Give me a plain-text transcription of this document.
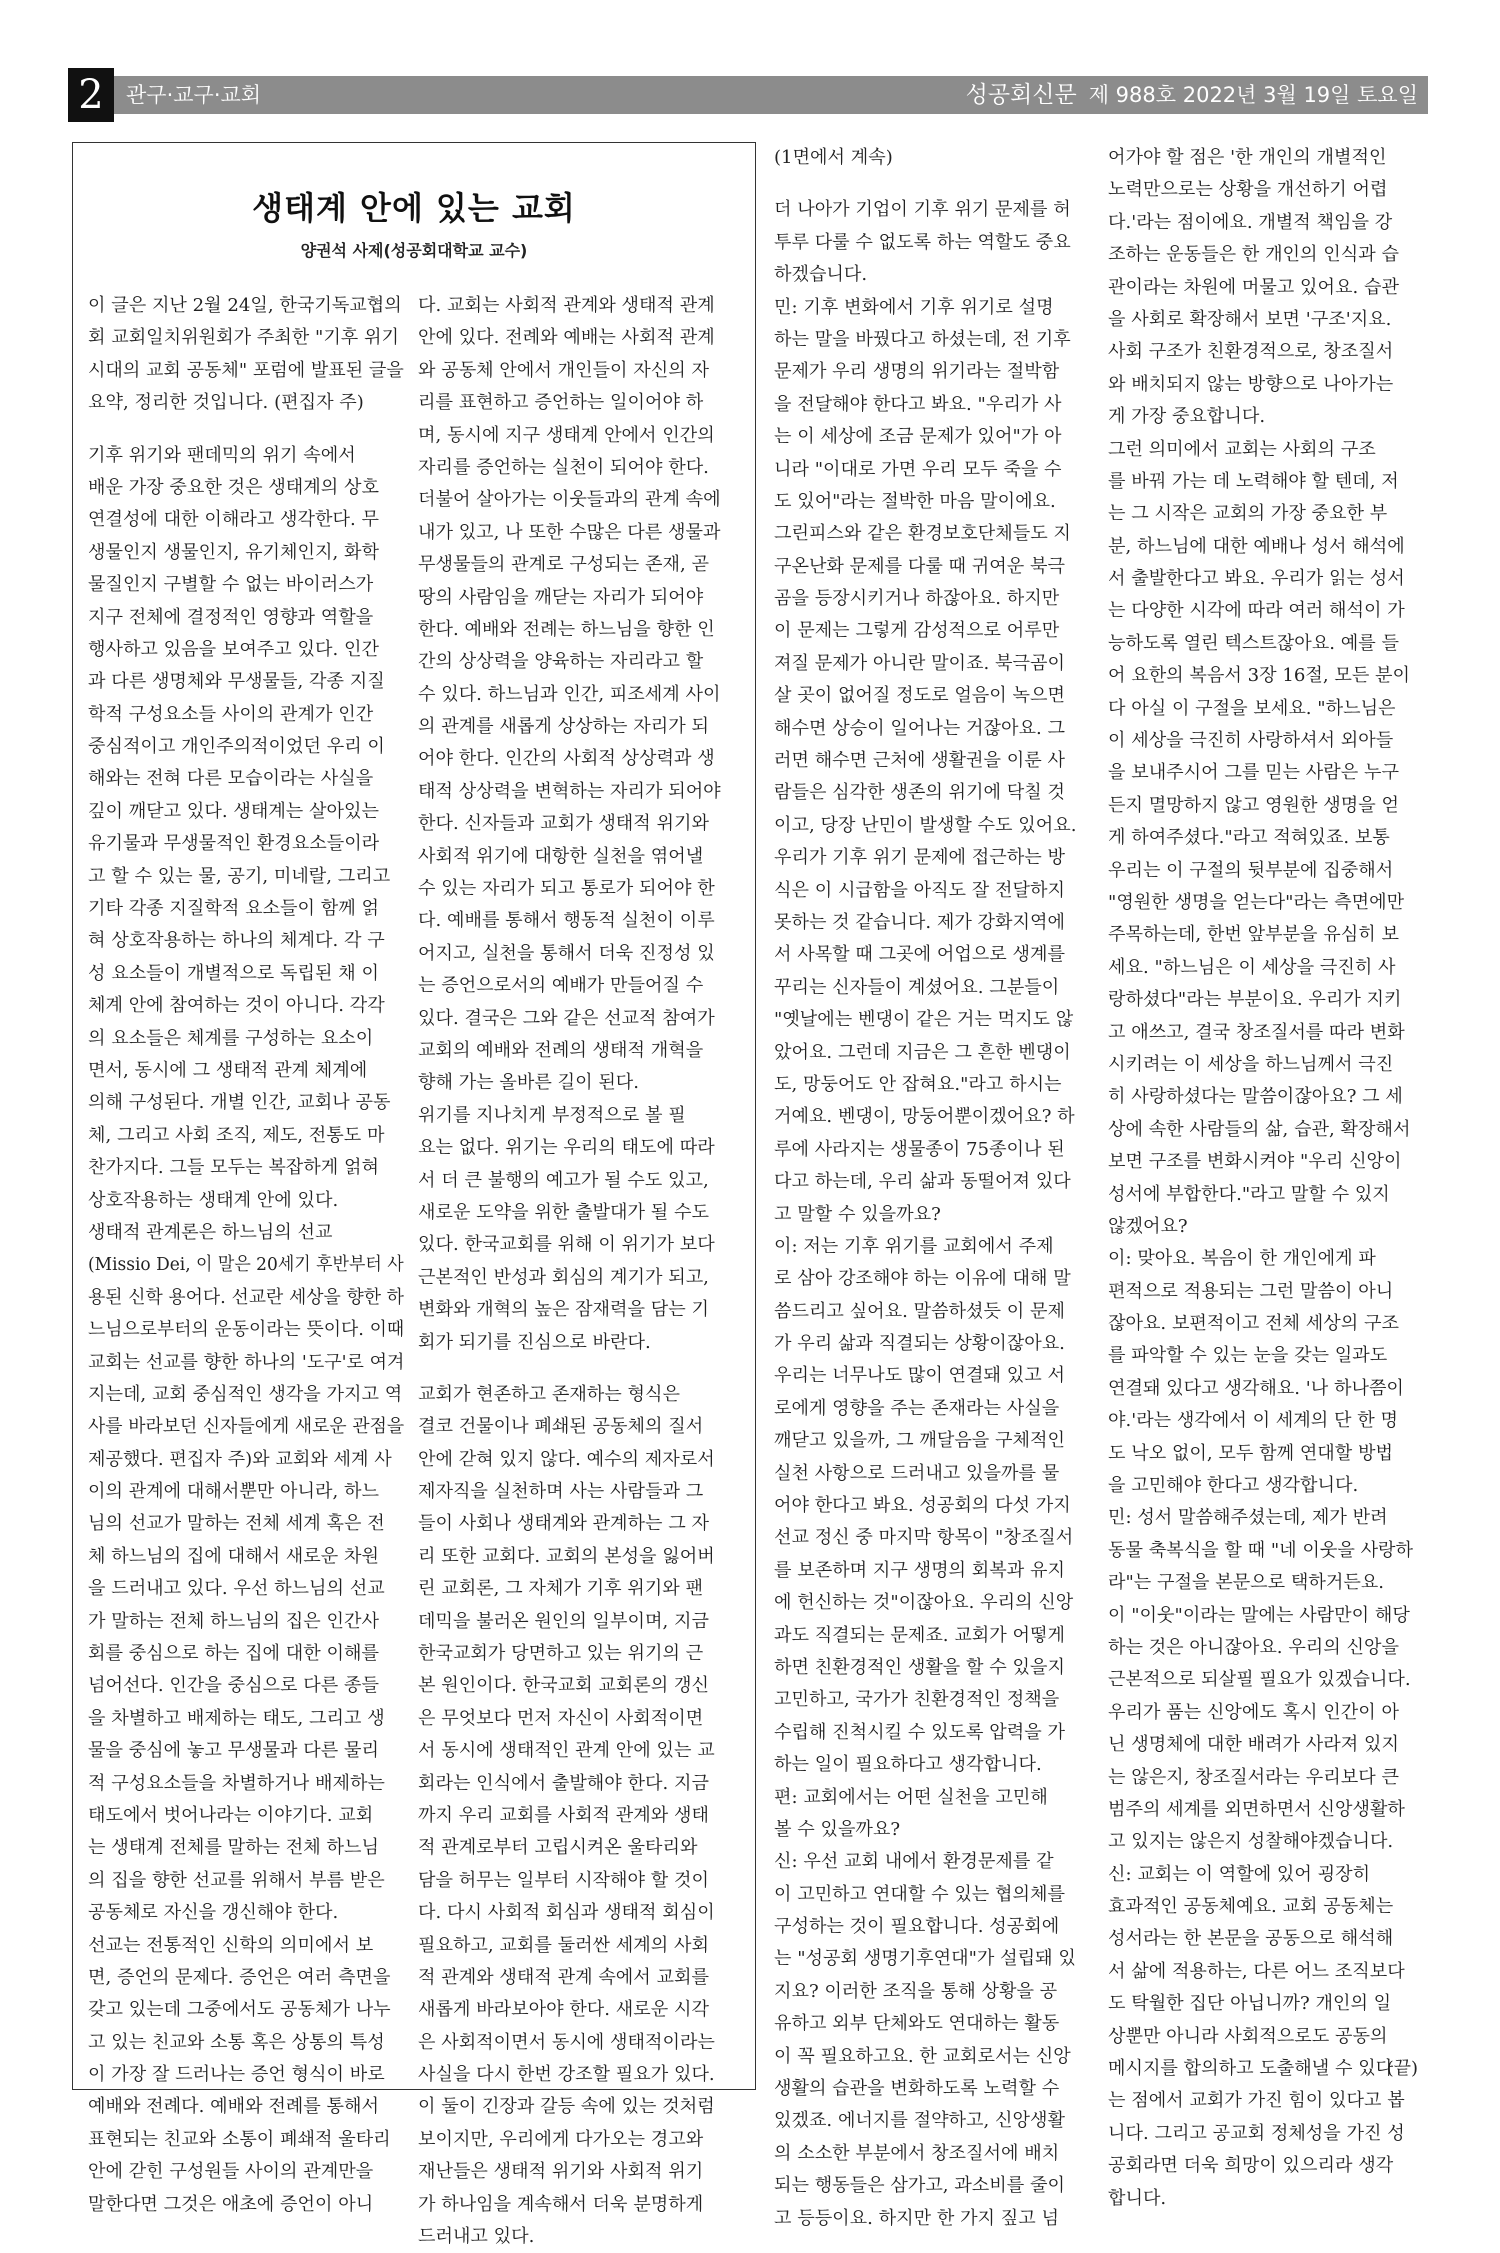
2	관구·교구·교회	성공회신문 제 988호 2022년 3월 19일 토요일
생태계 안에 있는 교회
양권석 사제(성공회대학교 교수)

이 글은 지난 2월 24일, 한국기독교협의

회 교회일치위원회가 주최한 "기후 위기

시대의 교회 공동체" 포럼에 발표된 글을

요약, 정리한 것입니다. (편집자 주)

기후 위기와 팬데믹의 위기 속에서

배운 가장 중요한 것은 생태계의 상호

연결성에 대한 이해라고 생각한다. 무

생물인지 생물인지, 유기체인지, 화학

물질인지 구별할 수 없는 바이러스가

지구 전체에 결정적인 영향과 역할을

행사하고 있음을 보여주고 있다. 인간

과 다른 생명체와 무생물들, 각종 지질

학적 구성요소들 사이의 관계가 인간

중심적이고 개인주의적이었던 우리 이

해와는 전혀 다른 모습이라는 사실을

깊이 깨닫고 있다. 생태계는 살아있는

유기물과 무생물적인 환경요소들이라

고 할 수 있는 물, 공기, 미네랄, 그리고

기타 각종 지질학적 요소들이 함께 얽

혀 상호작용하는 하나의 체계다. 각 구

성 요소들이 개별적으로 독립된 채 이

체계 안에 참여하는 것이 아니다. 각각

의 요소들은 체계를 구성하는 요소이

면서, 동시에 그 생태적 관계 체계에

의해 구성된다. 개별 인간, 교회나 공동

체, 그리고 사회 조직, 제도, 전통도 마

찬가지다. 그들 모두는 복잡하게 얽혀

상호작용하는 생태계 안에 있다.

생태적 관계론은 하느님의 선교

(Missio Dei, 이 말은 20세기 후반부터 사

용된 신학 용어다. 선교란 세상을 향한 하

느님으로부터의 운동이라는 뜻이다. 이때

교회는 선교를 향한 하나의 '도구'로 여겨

지는데, 교회 중심적인 생각을 가지고 역

사를 바라보던 신자들에게 새로운 관점을

제공했다. 편집자 주)와 교회와 세계 사

이의 관계에 대해서뿐만 아니라, 하느

님의 선교가 말하는 전체 세계 혹은 전

체 하느님의 집에 대해서 새로운 차원

을 드러내고 있다. 우선 하느님의 선교

가 말하는 전체 하느님의 집은 인간사

회를 중심으로 하는 집에 대한 이해를

넘어선다. 인간을 중심으로 다른 종들

을 차별하고 배제하는 태도, 그리고 생

물을 중심에 놓고 무생물과 다른 물리

적 구성요소들을 차별하거나 배제하는

태도에서 벗어나라는 이야기다. 교회

는 생태계 전체를 말하는 전체 하느님

의 집을 향한 선교를 위해서 부름 받은

공동체로 자신을 갱신해야 한다.

선교는 전통적인 신학의 의미에서 보

면, 증언의 문제다. 증언은 여러 측면을

갖고 있는데 그중에서도 공동체가 나누

고 있는 친교와 소통 혹은 상통의 특성

이 가장 잘 드러나는 증언 형식이 바로

예배와 전례다. 예배와 전례를 통해서

표현되는 친교와 소통이 폐쇄적 울타리

안에 갇힌 구성원들 사이의 관계만을

말한다면 그것은 애초에 증언이 아니

다. 교회는 사회적 관계와 생태적 관계

안에 있다. 전례와 예배는 사회적 관계

와 공동체 안에서 개인들이 자신의 자

리를 표현하고 증언하는 일이어야 하

며, 동시에 지구 생태계 안에서 인간의

자리를 증언하는 실천이 되어야 한다.

더불어 살아가는 이웃들과의 관계 속에

내가 있고, 나 또한 수많은 다른 생물과

무생물들의 관계로 구성되는 존재, 곧

땅의 사람임을 깨닫는 자리가 되어야

한다. 예배와 전례는 하느님을 향한 인

간의 상상력을 양육하는 자리라고 할

수 있다. 하느님과 인간, 피조세계 사이

의 관계를 새롭게 상상하는 자리가 되

어야 한다. 인간의 사회적 상상력과 생

태적 상상력을 변혁하는 자리가 되어야

한다. 신자들과 교회가 생태적 위기와

사회적 위기에 대항한 실천을 엮어낼

수 있는 자리가 되고 통로가 되어야 한

다. 예배를 통해서 행동적 실천이 이루

어지고, 실천을 통해서 더욱 진정성 있

는 증언으로서의 예배가 만들어질 수

있다. 결국은 그와 같은 선교적 참여가

교회의 예배와 전례의 생태적 개혁을

향해 가는 올바른 길이 된다.

위기를 지나치게 부정적으로 볼 필

요는 없다. 위기는 우리의 태도에 따라

서 더 큰 불행의 예고가 될 수도 있고,

새로운 도약을 위한 출발대가 될 수도

있다. 한국교회를 위해 이 위기가 보다

근본적인 반성과 회심의 계기가 되고,

변화와 개혁의 높은 잠재력을 담는 기

회가 되기를 진심으로 바란다.

교회가 현존하고 존재하는 형식은

결코 건물이나 폐쇄된 공동체의 질서

안에 갇혀 있지 않다. 예수의 제자로서

제자직을 실천하며 사는 사람들과 그

들이 사회나 생태계와 관계하는 그 자

리 또한 교회다. 교회의 본성을 잃어버

린 교회론, 그 자체가 기후 위기와 팬

데믹을 불러온 원인의 일부이며, 지금

한국교회가 당면하고 있는 위기의 근

본 원인이다. 한국교회 교회론의 갱신

은 무엇보다 먼저 자신이 사회적이면

서 동시에 생태적인 관계 안에 있는 교

회라는 인식에서 출발해야 한다. 지금

까지 우리 교회를 사회적 관계와 생태

적 관계로부터 고립시켜온 울타리와

담을 허무는 일부터 시작해야 할 것이

다. 다시 사회적 회심과 생태적 회심이

필요하고, 교회를 둘러싼 세계의 사회

적 관계와 생태적 관계 속에서 교회를

새롭게 바라보아야 한다. 새로운 시각

은 사회적이면서 동시에 생태적이라는

사실을 다시 한번 강조할 필요가 있다.

이 둘이 긴장과 갈등 속에 있는 것처럼

보이지만, 우리에게 다가오는 경고와

재난들은 생태적 위기와 사회적 위기

가 하나임을 계속해서 더욱 분명하게

드러내고 있다.

(1면에서 계속)

더 나아가 기업이 기후 위기 문제를 허

투루 다룰 수 없도록 하는 역할도 중요

하겠습니다.

민: 기후 변화에서 기후 위기로 설명

하는 말을 바꿨다고 하셨는데, 전 기후

문제가 우리 생명의 위기라는 절박함

을 전달해야 한다고 봐요. "우리가 사

는 이 세상에 조금 문제가 있어"가 아

니라 "이대로 가면 우리 모두 죽을 수

도 있어"라는 절박한 마음 말이에요.

그린피스와 같은 환경보호단체들도 지

구온난화 문제를 다룰 때 귀여운 북극

곰을 등장시키거나 하잖아요. 하지만

이 문제는 그렇게 감성적으로 어루만

져질 문제가 아니란 말이죠. 북극곰이

살 곳이 없어질 정도로 얼음이 녹으면

해수면 상승이 일어나는 거잖아요. 그

러면 해수면 근처에 생활권을 이룬 사

람들은 심각한 생존의 위기에 닥칠 것

이고, 당장 난민이 발생할 수도 있어요.

우리가 기후 위기 문제에 접근하는 방

식은 이 시급함을 아직도 잘 전달하지

못하는 것 같습니다. 제가 강화지역에

서 사목할 때 그곳에 어업으로 생계를

꾸리는 신자들이 계셨어요. 그분들이

"옛날에는 벤댕이 같은 거는 먹지도 않

았어요. 그런데 지금은 그 흔한 벤댕이

도, 망둥어도 안 잡혀요."라고 하시는

거예요. 벤댕이, 망둥어뿐이겠어요? 하

루에 사라지는 생물종이 75종이나 된

다고 하는데, 우리 삶과 동떨어져 있다

고 말할 수 있을까요?

이: 저는 기후 위기를 교회에서 주제

로 삼아 강조해야 하는 이유에 대해 말

씀드리고 싶어요. 말씀하셨듯 이 문제

가 우리 삶과 직결되는 상황이잖아요.

우리는 너무나도 많이 연결돼 있고 서

로에게 영향을 주는 존재라는 사실을

깨닫고 있을까, 그 깨달음을 구체적인

실천 사항으로 드러내고 있을까를 물

어야 한다고 봐요. 성공회의 다섯 가지

선교 정신 중 마지막 항목이 "창조질서

를 보존하며 지구 생명의 회복과 유지

에 헌신하는 것"이잖아요. 우리의 신앙

과도 직결되는 문제죠. 교회가 어떻게

하면 친환경적인 생활을 할 수 있을지

고민하고, 국가가 친환경적인 정책을

수립해 진척시킬 수 있도록 압력을 가

하는 일이 필요하다고 생각합니다.

편: 교회에서는 어떤 실천을 고민해

볼 수 있을까요?

신: 우선 교회 내에서 환경문제를 같

이 고민하고 연대할 수 있는 협의체를

구성하는 것이 필요합니다. 성공회에

는 "성공회 생명기후연대"가 설립돼 있

지요? 이러한 조직을 통해 상황을 공

유하고 외부 단체와도 연대하는 활동

이 꼭 필요하고요. 한 교회로서는 신앙

생활의 습관을 변화하도록 노력할 수

있겠죠. 에너지를 절약하고, 신앙생활

의 소소한 부분에서 창조질서에 배치

되는 행동들은 삼가고, 과소비를 줄이

고 등등이요. 하지만 한 가지 짚고 넘

어가야 할 점은 '한 개인의 개별적인

노력만으로는 상황을 개선하기 어렵

다.'라는 점이에요. 개별적 책임을 강

조하는 운동들은 한 개인의 인식과 습

관이라는 차원에 머물고 있어요. 습관

을 사회로 확장해서 보면 '구조'지요.

사회 구조가 친환경적으로, 창조질서

와 배치되지 않는 방향으로 나아가는

게 가장 중요합니다.

그런 의미에서 교회는 사회의 구조

를 바꿔 가는 데 노력해야 할 텐데, 저

는 그 시작은 교회의 가장 중요한 부

분, 하느님에 대한 예배나 성서 해석에

서 출발한다고 봐요. 우리가 읽는 성서

는 다양한 시각에 따라 여러 해석이 가

능하도록 열린 텍스트잖아요. 예를 들

어 요한의 복음서 3장 16절, 모든 분이

다 아실 이 구절을 보세요. "하느님은

이 세상을 극진히 사랑하셔서 외아들

을 보내주시어 그를 믿는 사람은 누구

든지 멸망하지 않고 영원한 생명을 얻

게 하여주셨다."라고 적혀있죠. 보통

우리는 이 구절의 뒷부분에 집중해서

"영원한 생명을 얻는다"라는 측면에만

주목하는데, 한번 앞부분을 유심히 보

세요. "하느님은 이 세상을 극진히 사

랑하셨다"라는 부분이요. 우리가 지키

고 애쓰고, 결국 창조질서를 따라 변화

시키려는 이 세상을 하느님께서 극진

히 사랑하셨다는 말씀이잖아요? 그 세

상에 속한 사람들의 삶, 습관, 확장해서

보면 구조를 변화시켜야 "우리 신앙이

성서에 부합한다."라고 말할 수 있지

않겠어요?

이: 맞아요. 복음이 한 개인에게 파

편적으로 적용되는 그런 말씀이 아니

잖아요. 보편적이고 전체 세상의 구조

를 파악할 수 있는 눈을 갖는 일과도

연결돼 있다고 생각해요. '나 하나쯤이

야.'라는 생각에서 이 세계의 단 한 명

도 낙오 없이, 모두 함께 연대할 방법

을 고민해야 한다고 생각합니다.

민: 성서 말씀해주셨는데, 제가 반려

동물 축복식을 할 때 "네 이웃을 사랑하

라"는 구절을 본문으로 택하거든요.

이 "이웃"이라는 말에는 사람만이 해당

하는 것은 아니잖아요. 우리의 신앙을

근본적으로 되살필 필요가 있겠습니다.

우리가 품는 신앙에도 혹시 인간이 아

닌 생명체에 대한 배려가 사라져 있지

는 않은지, 창조질서라는 우리보다 큰

범주의 세계를 외면하면서 신앙생활하

고 있지는 않은지 성찰해야겠습니다.

신: 교회는 이 역할에 있어 굉장히

효과적인 공동체예요. 교회 공동체는

성서라는 한 본문을 공동으로 해석해

서 삶에 적용하는, 다른 어느 조직보다

도 탁월한 집단 아닙니까? 개인의 일

상뿐만 아니라 사회적으로도 공동의

메시지를 합의하고 도출해낼 수 있다

는 점에서 교회가 가진 힘이 있다고 봅

니다. 그리고 공교회 정체성을 가진 성

공회라면 더욱 희망이 있으리라 생각

합니다.

(끝)
